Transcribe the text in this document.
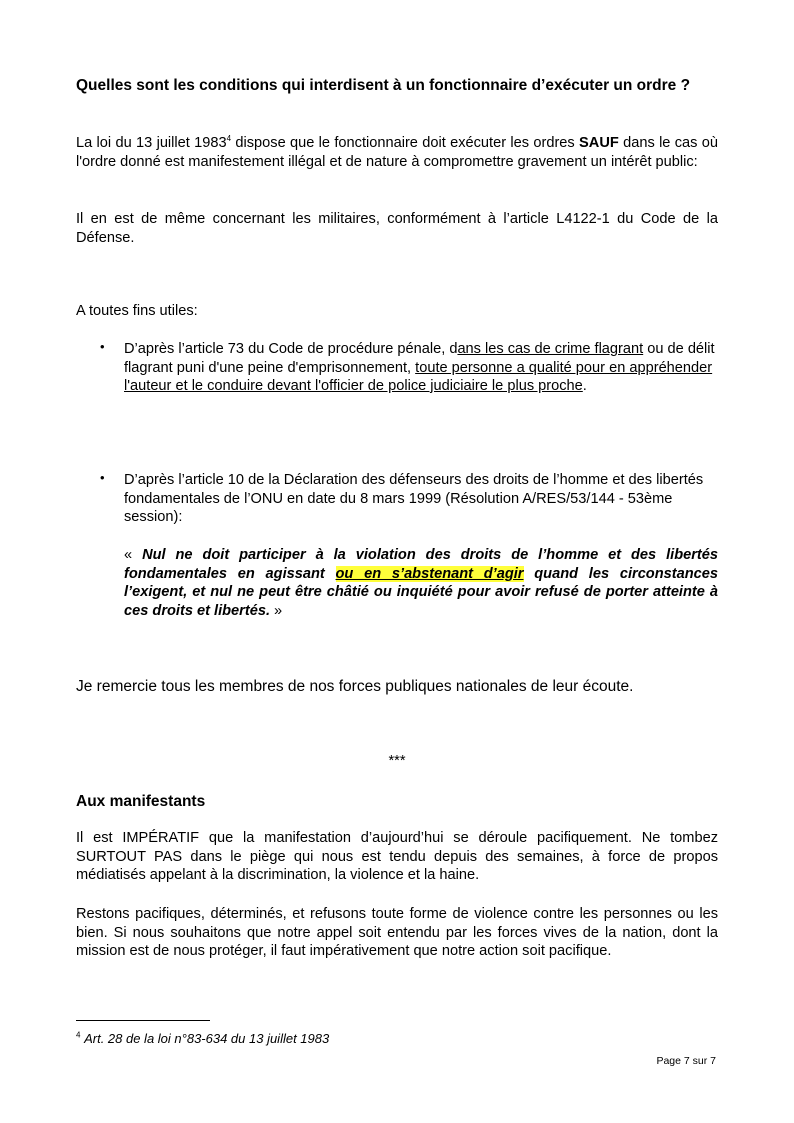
Quelles sont les conditions qui interdisent à un fonctionnaire d’exécuter un ordre ?

La loi du 13 juillet 1983$^4$ dispose que le fonctionnaire doit exécuter les ordres SAUF dans le cas où l'ordre donné est manifestement illégal et de nature à compromettre gravement un intérêt public:

Il en est de même concernant les militaires, conformément à l’article L4122-1 du Code de la Défense.

A toutes fins utiles:

• D’après l’article 73 du Code de procédure pénale, dans les cas de crime flagrant ou de délit flagrant puni d'une peine d'emprisonnement, toute personne a qualité pour en appréhender l'auteur et le conduire devant l'officier de police judiciaire le plus proche.

• D’après l’article 10 de la Déclaration des défenseurs des droits de l’homme et des libertés fondamentales de l’ONU en date du 8 mars 1999 (Résolution A/RES/53/144 - 53ème session):

« Nul ne doit participer à la violation des droits de l’homme et des libertés fondamentales en agissant ou en s’abstenant d’agir quand les circonstances l’exigent, et nul ne peut être châtié ou inquiété pour avoir refusé de porter atteinte à ces droits et libertés. »

Je remercie tous les membres de nos forces publiques nationales de leur écoute.

***

Aux manifestants

Il est IMPÉRATIF que la manifestation d’aujourd’hui se déroule pacifiquement. Ne tombez SURTOUT PAS dans le piège qui nous est tendu depuis des semaines, à force de propos médiatisés appelant à la discrimination, la violence et la haine.

Restons pacifiques, déterminés, et refusons toute forme de violence contre les personnes ou les bien. Si nous souhaitons que notre appel soit entendu par les forces vives de la nation, dont la mission est de nous protéger, il faut impérativement que notre action soit pacifique.

$^4$ Art. 28 de la loi n°83-634 du 13 juillet 1983

Page 7 sur 7
